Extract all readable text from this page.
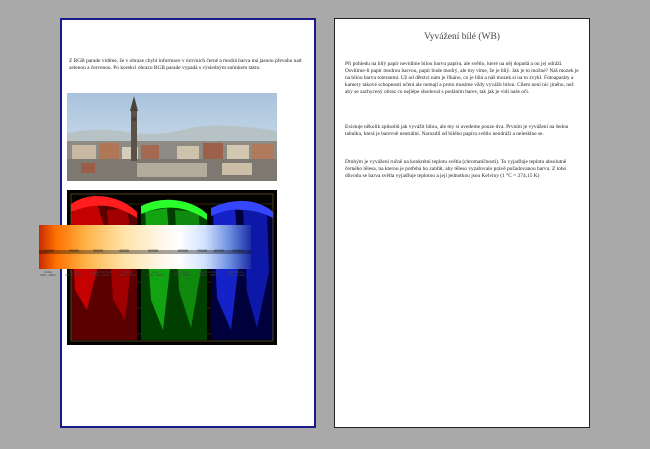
Z RGB parade vidíme, že v obraze chybí informace v úrovních černé a modrá barva má jasnou převahu nad zelenou a červenou. Po korekci obrazu RGB parade vypadá s výsledným snímkem takto.

Vyvážení bílé (WB)

Při pohledu na bílý papír nevidíme bílou barvu papíru, ale světlo, které na něj dopadá a on jej odráží. Osvítíme-li papír modrou barvou, papír bude modrý, ale my víme, že je bílý. Jak je to možné? Náš mozek je na bílou barvu tolerantní. Už od dětství nám je říkáno, co je bílá a náš mozek si na to zvykl. Fotoaparáty a kamery takové schopnosti učení ale nemají a proto musíme vždy vyvážit bílou. Cílem není nic jiného, než aby se zachycený obraz co nejlépe shodoval s podáním barev, tak jak je vidí naše oči.

Existuje několik způsobů jak vyvážit bílou, ale my si uvedeme pouze dva. Prvním je vyvážení na šedou tabulku, která je barevně neutrální. Narozdíl od bílého papíru světlo neodráží a nelesklne se.

Druhým je vyvážení ručně na konkrétní teplotu světla (chromatičnosti). To vyjadřuje teplotu absolutně černého tělesa, na kterou je potřeba ho zahřát, aby těleso vyzařovalo právě požadovanou barvu. Z toho důvodu se barva světla vyjadřuje teplotou a její jednotkou jsou Kelviny (1 °C = 274,15 K)

1000K	2000K	3000K	4000K	5000K	6000K 7000K 8000K 10000K
Svíčka
1800 - 1900K
Žárovka
2500K - 3000K
Halogenová lampa
3000K - 3500K
Zářivka
4000K - 5000K
Denní
5000K - 5500K
Přímé slunce
5500K - 6500K
Zatažená obloha
6500K - 8000K
Modrá obloha
9000K - 10000K
